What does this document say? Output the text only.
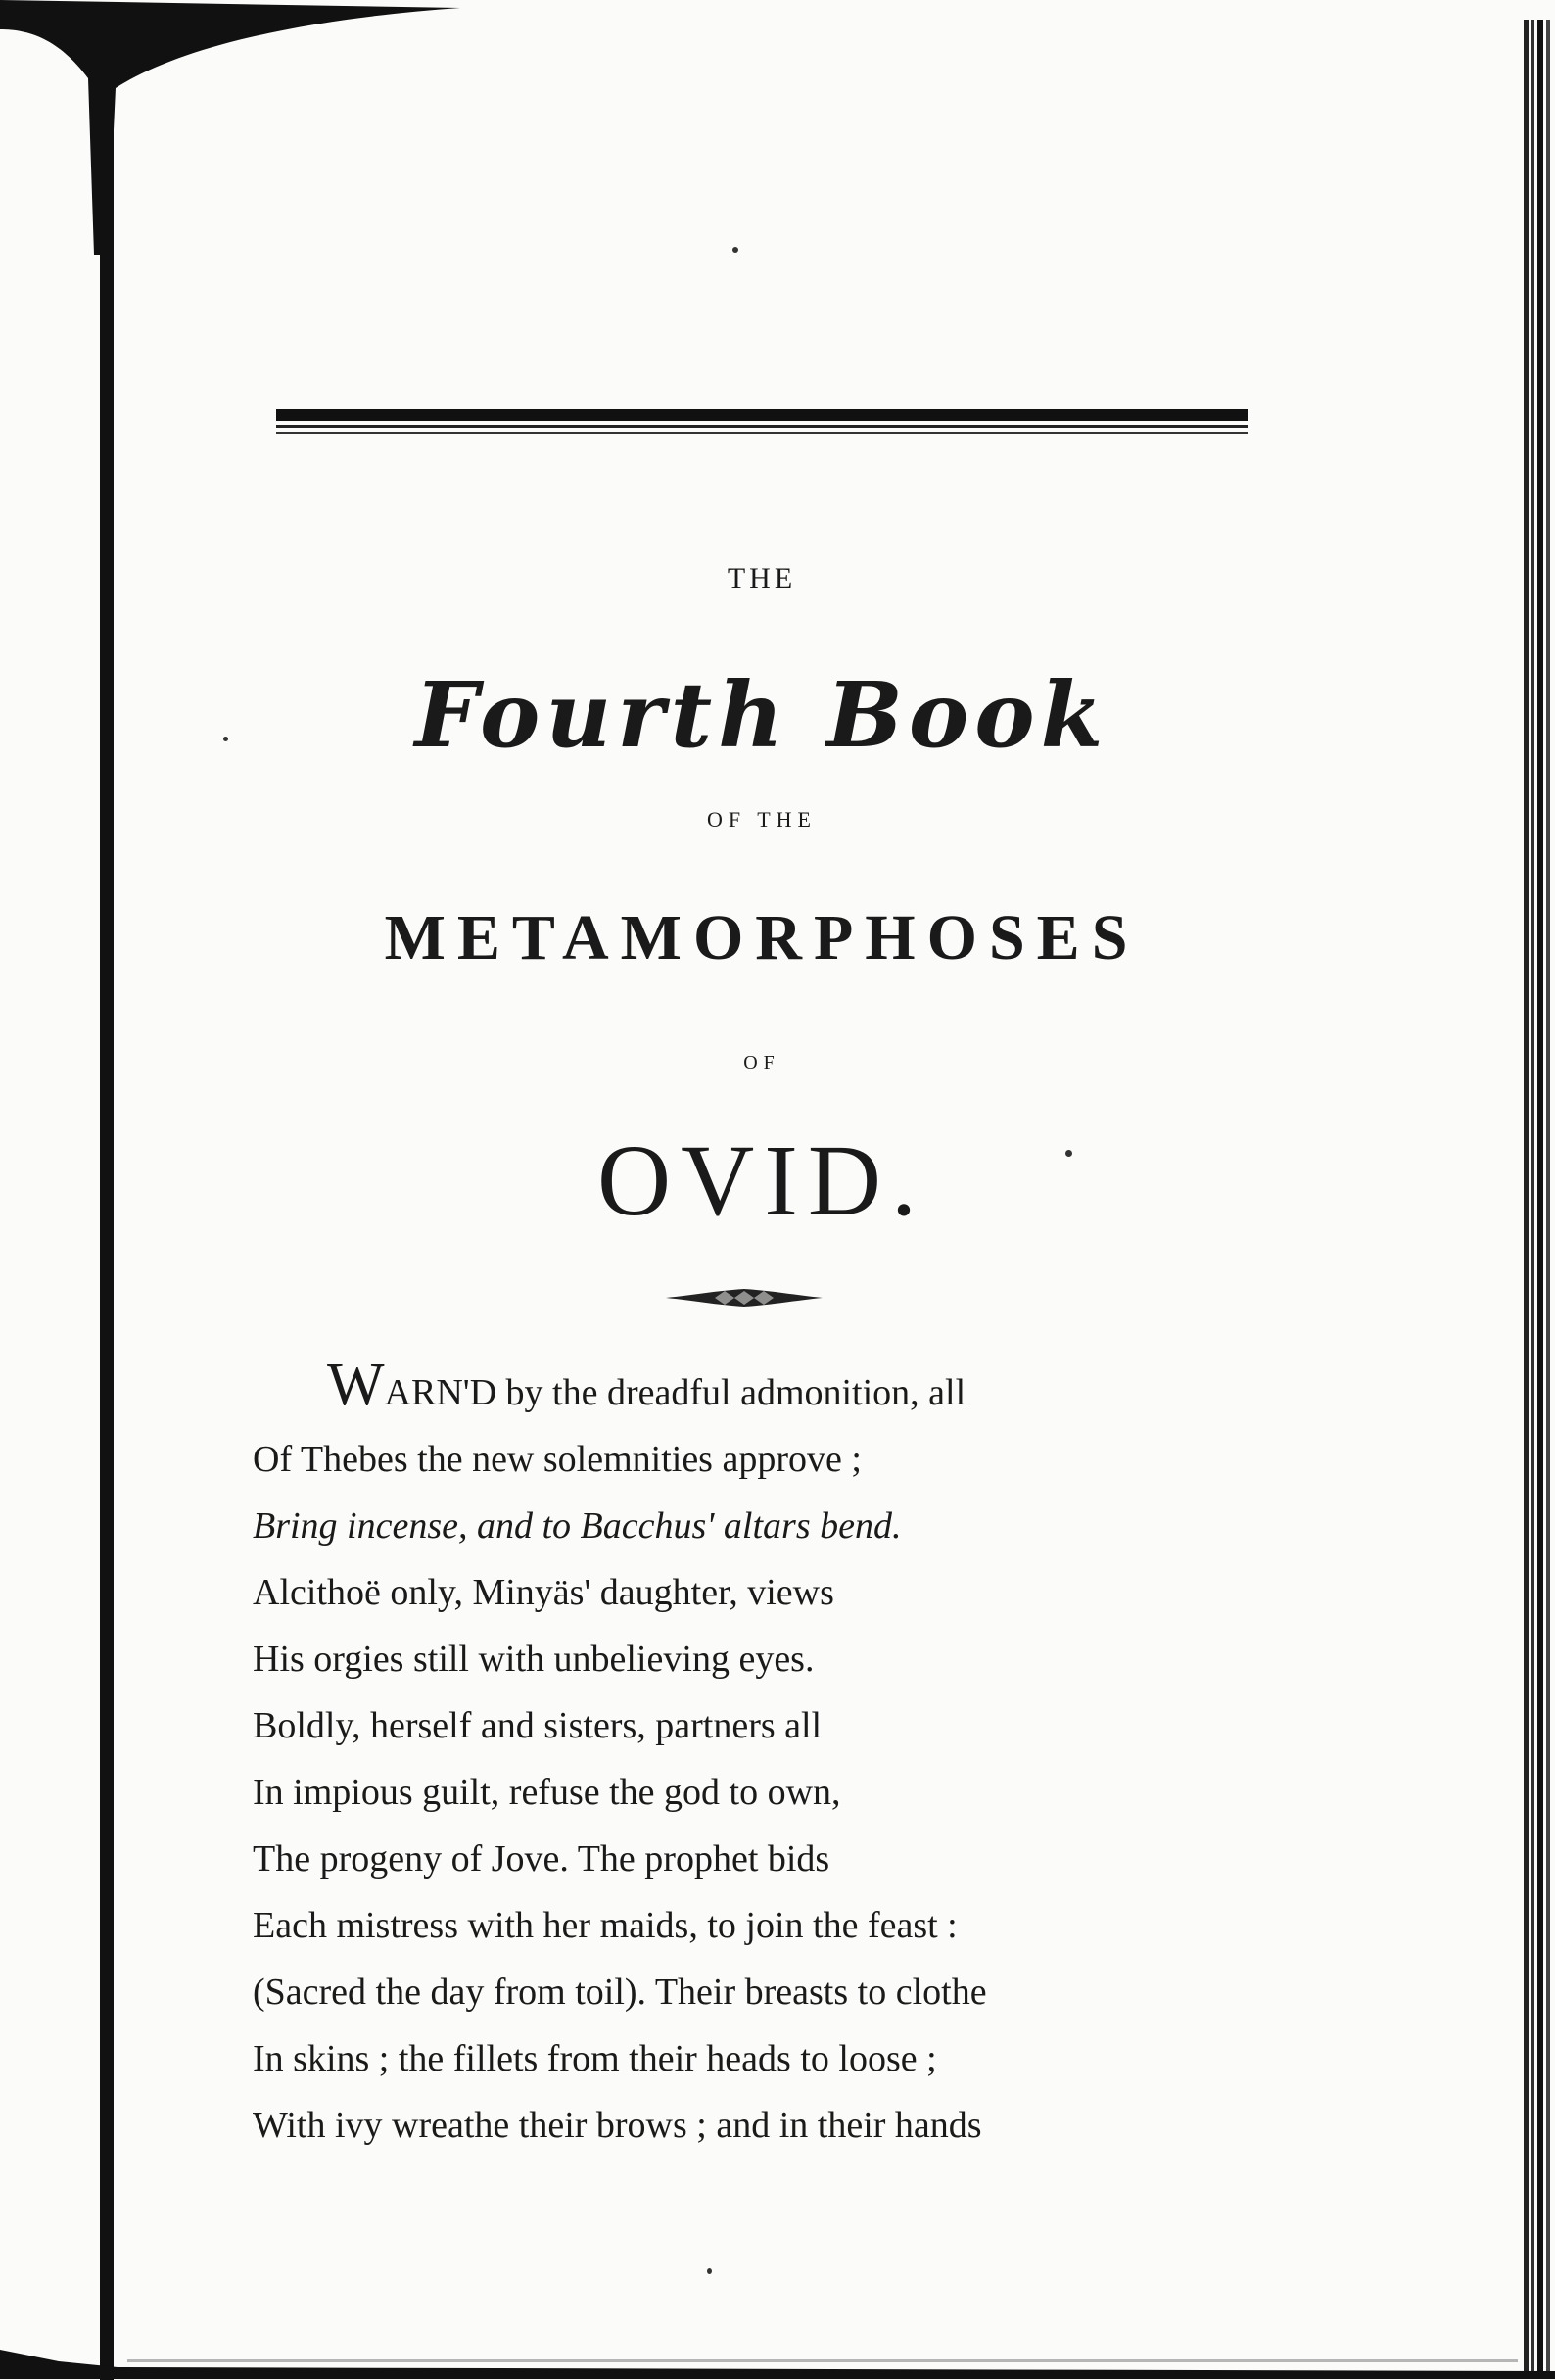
THE
Fourth Book
OF THE
METAMORPHOSES
OF
OVID.
WARN'D by the dreadful admonition, all
Of Thebes the new solemnities approve ;
Bring incense, and to Bacchus' altars bend.
Alcithoë only, Minyäs' daughter, views
His orgies still with unbelieving eyes.
Boldly, herself and sisters, partners all
In impious guilt, refuse the god to own,
The progeny of Jove. The prophet bids
Each mistress with her maids, to join the feast :
(Sacred the day from toil). Their breasts to clothe
In skins ; the fillets from their heads to loose ;
With ivy wreathe their brows ; and in their hands
